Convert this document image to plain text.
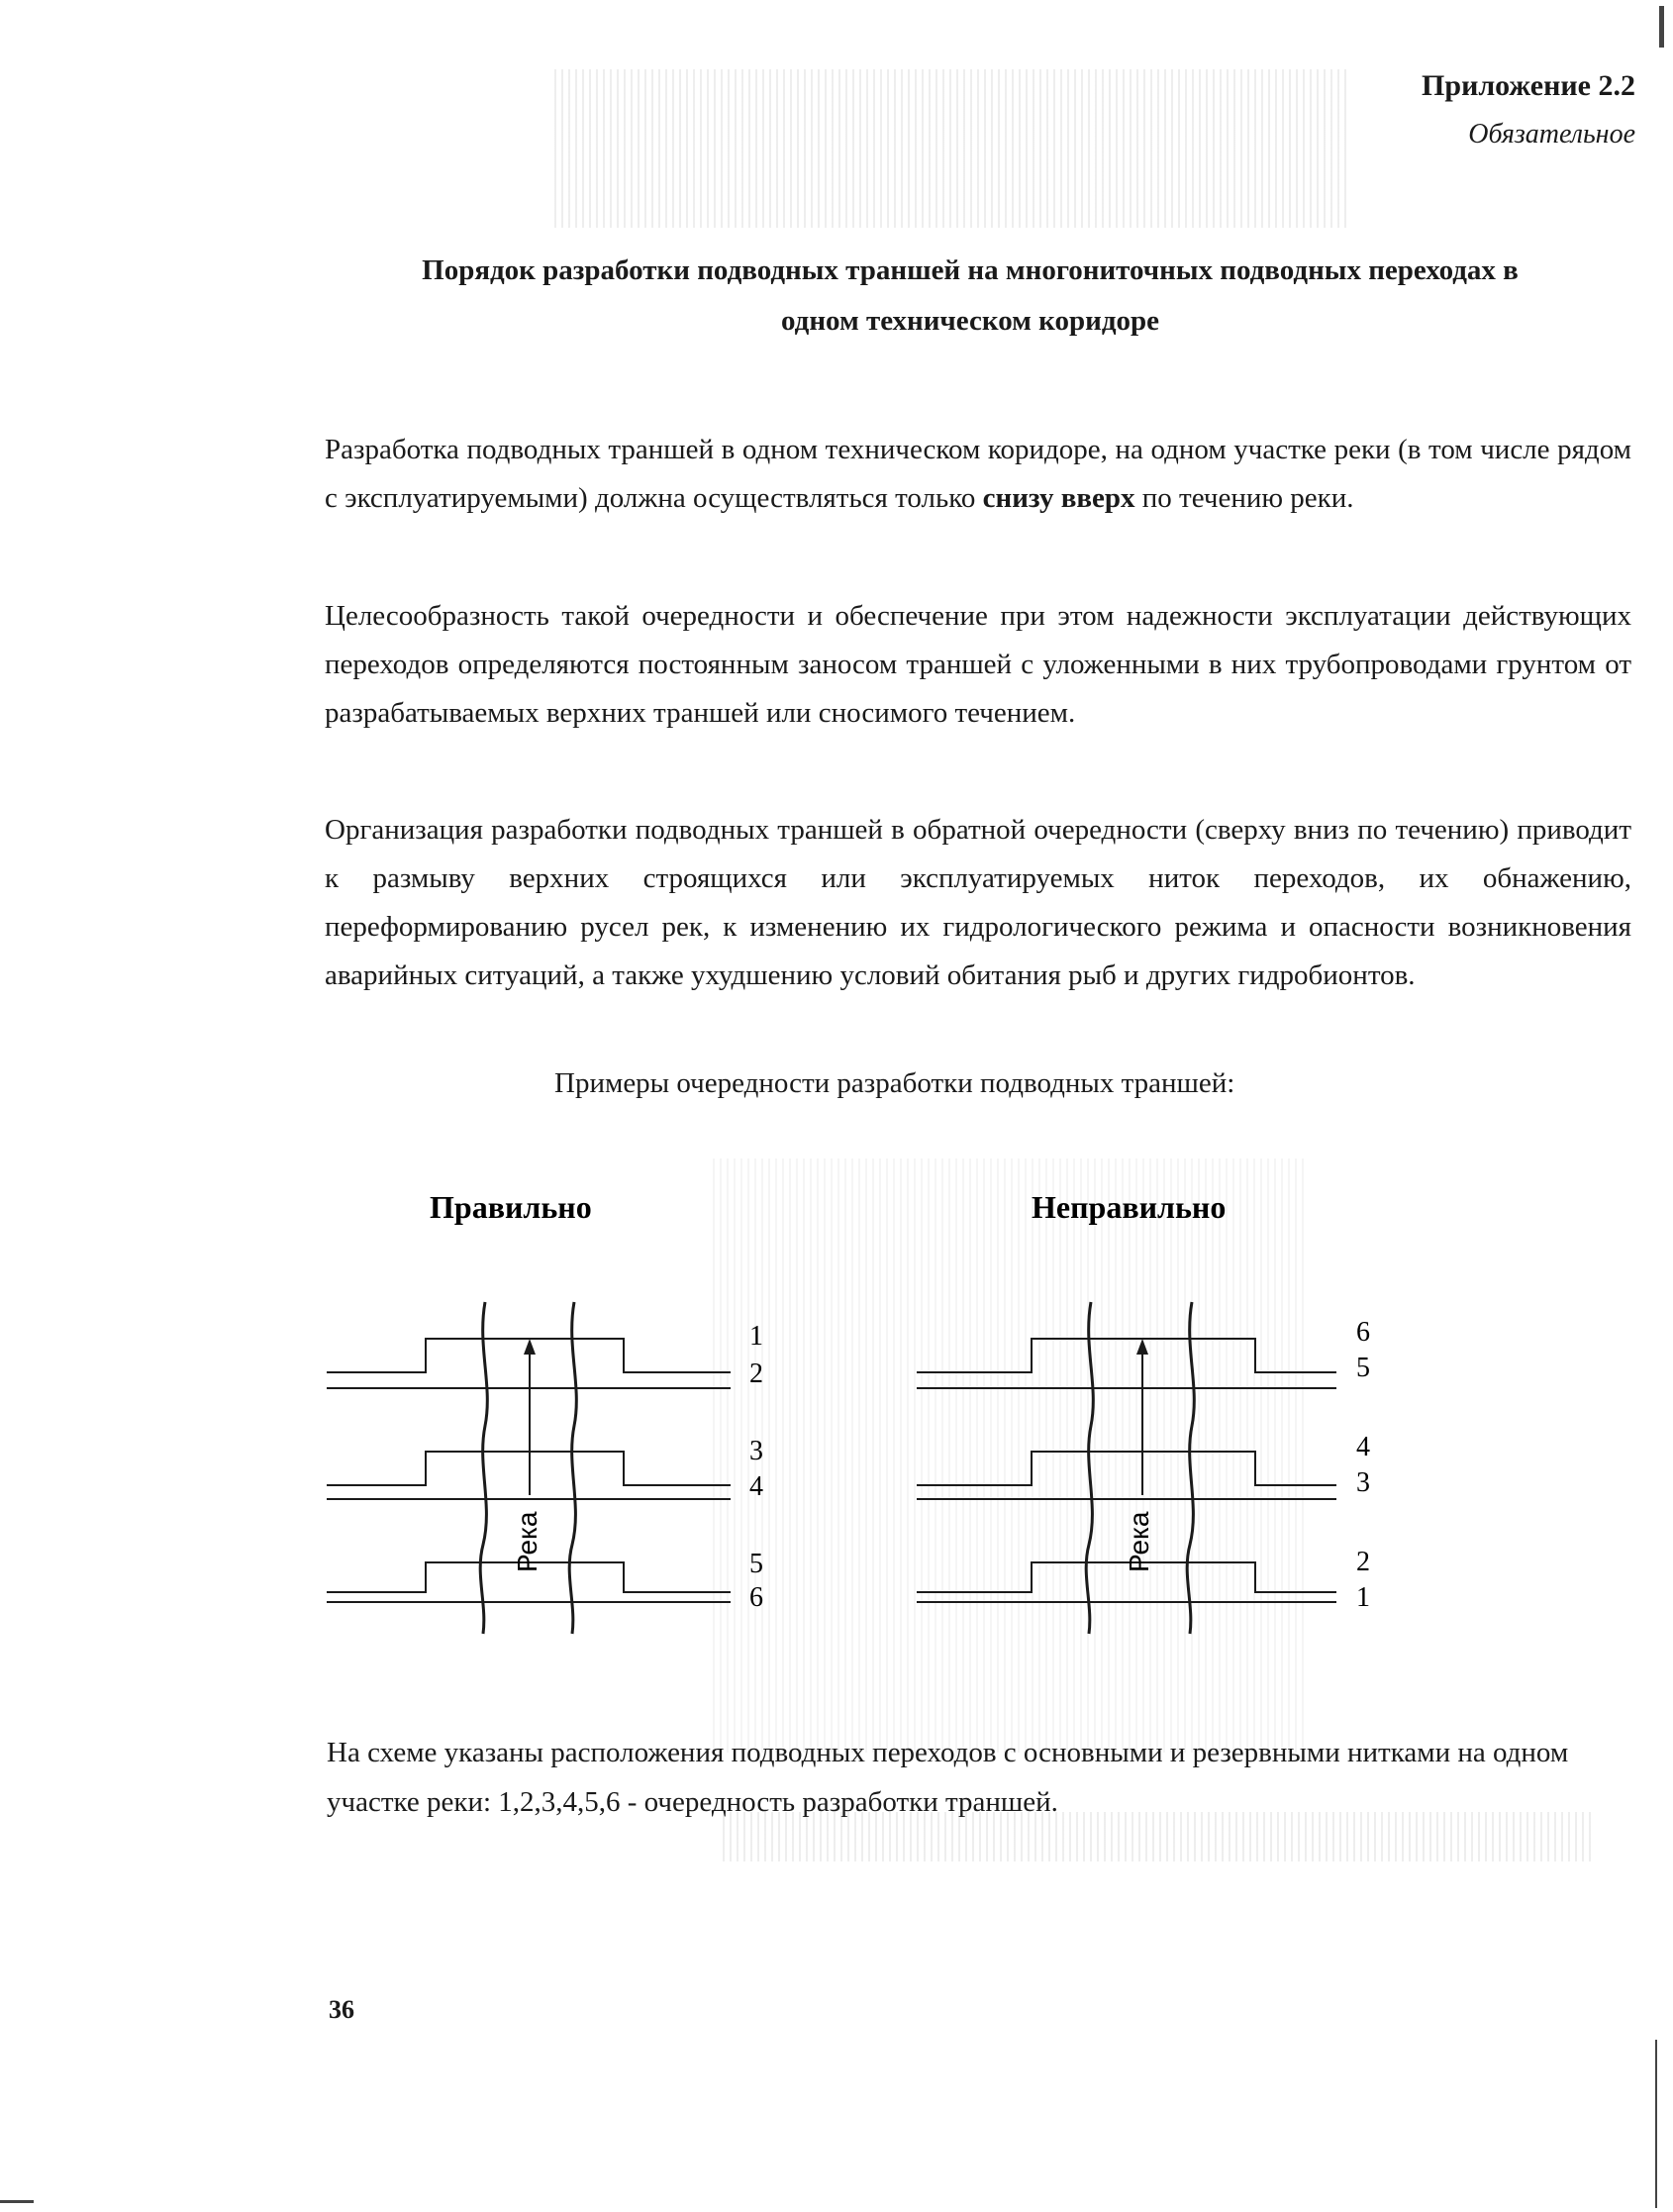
Приложение 2.2
Обязательное
Порядок разработки подводных траншей на многониточных подводных переходах в
одном техническом коридоре
Разработка подводных траншей в одном техническом коридоре, на одном участке реки (в том числе рядом с эксплуатируемыми) должна осуществляться только снизу вверх по течению реки.
Целесообразность такой очередности и обеспечение при этом надежности эксплуатации действующих переходов определяются постоянным заносом траншей с уложенными в них трубопроводами грунтом от разрабатываемых верхних траншей или сносимого течением.
Организация разработки подводных траншей в обратной очередности (сверху вниз по течению) приводит к размыву верхних строящихся или эксплуатируемых ниток переходов, их обнажению, переформированию русел рек, к изменению их гидрологического режима и опасности возникновения аварийных ситуаций, а также ухудшению условий обитания рыб и других гидробионтов.
Примеры очередности разработки подводных траншей:
Правильно
Река
1
2
3
4
5
6
Неправильно
Река
6
5
4
3
2
1
На схеме указаны расположения подводных переходов с основными и резервными нитками на одном участке реки: 1,2,3,4,5,6 - очередность разработки траншей.
36
